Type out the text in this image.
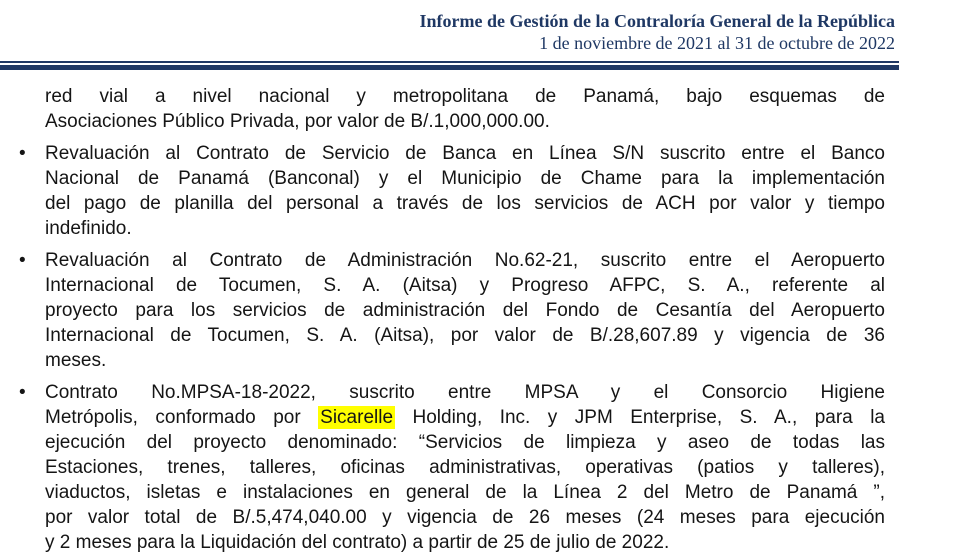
Informe de Gestión de la Contraloría General de la República
1 de noviembre de 2021 al 31 de octubre de 2022
red vial a nivel nacional y metropolitana de Panamá, bajo esquemas de
Asociaciones Público Privada, por valor de B/.1,000,000.00.
•	Revaluación al Contrato de Servicio de Banca en Línea S/N suscrito entre el Banco
Nacional de Panamá (Banconal) y el Municipio de Chame para la implementación
del pago de planilla del personal a través de los servicios de ACH por valor y tiempo
indefinido.
•	Revaluación al Contrato de Administración No.62-21, suscrito entre el Aeropuerto
Internacional de Tocumen, S. A. (Aitsa) y Progreso AFPC, S. A., referente al
proyecto para los servicios de administración del Fondo de Cesantía del Aeropuerto
Internacional de Tocumen, S. A. (Aitsa), por valor de B/.28,607.89 y vigencia de 36
meses.
•	Contrato No.MPSA-18-2022, suscrito entre MPSA y el Consorcio Higiene
Metrópolis, conformado por Sicarelle Holding, Inc. y JPM Enterprise, S. A., para la
ejecución del proyecto denominado: “Servicios de limpieza y aseo de todas las
Estaciones, trenes, talleres, oficinas administrativas, operativas (patios y talleres),
viaductos, isletas e instalaciones en general de la Línea 2 del Metro de Panamá ”,
por valor total de B/.5,474,040.00 y vigencia de 26 meses (24 meses para ejecución
y 2 meses para la Liquidación del contrato) a partir de 25 de julio de 2022.
